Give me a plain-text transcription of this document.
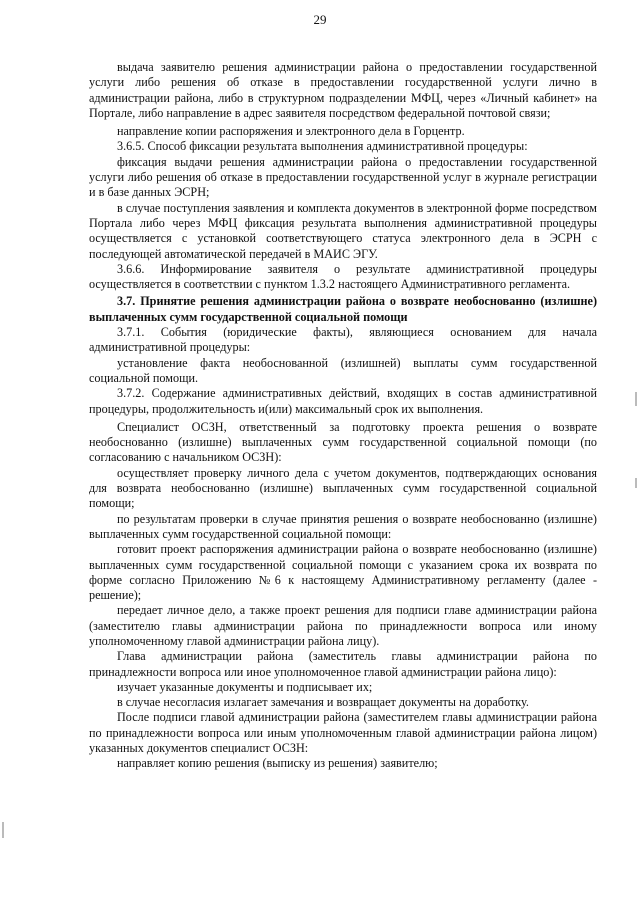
29

выдача заявителю решения администрации района о предоставлении государственной услуги либо решения об отказе в предоставлении государственной услуги лично в администрации района, либо в структурном подразделении МФЦ, через «Личный кабинет» на Портале, либо направление в адрес заявителя посредством федеральной почтовой связи;

направление копии распоряжения и электронного дела в Горцентр.

3.6.5. Способ фиксации результата выполнения административной процедуры:

фиксация выдачи решения администрации района о предоставлении государственной услуги либо решения об отказе в предоставлении государственной услуг в журнале регистрации и в базе данных ЭСРН;

в случае поступления заявления и комплекта документов в электронной форме посредством Портала либо через МФЦ фиксация результата выполнения административной процедуры осуществляется с установкой соответствующего статуса электронного дела в ЭСРН с последующей автоматической передачей в МАИС ЭГУ.

3.6.6. Информирование заявителя о результате административной процедуры осуществляется в соответствии с пунктом 1.3.2 настоящего Административного регламента.

3.7. Принятие решения администрации района о возврате необоснованно (излишне) выплаченных сумм государственной социальной помощи

3.7.1. События (юридические факты), являющиеся основанием для начала административной процедуры:

установление факта необоснованной (излишней) выплаты сумм государственной социальной помощи.

3.7.2. Содержание административных действий, входящих в состав административной процедуры, продолжительность и(или) максимальный срок их выполнения.

Специалист ОСЗН, ответственный за подготовку проекта решения о возврате необоснованно (излишне) выплаченных сумм государственной социальной помощи (по согласованию с начальником ОСЗН):

осуществляет проверку личного дела с учетом документов, подтверждающих основания для возврата необоснованно (излишне) выплаченных сумм государственной социальной помощи;

по результатам проверки в случае принятия решения о возврате необоснованно (излишне) выплаченных сумм государственной социальной помощи:

готовит проект распоряжения администрации района о возврате необоснованно (излишне) выплаченных сумм государственной социальной помощи с указанием срока их возврата по форме согласно Приложению №6 к настоящему Административному регламенту (далее - решение);

передает личное дело, а также проект решения для подписи главе администрации района (заместителю главы администрации района по принадлежности вопроса или иному уполномоченному главой администрации района лицу).

Глава администрации района (заместитель главы администрации района по принадлежности вопроса или иное уполномоченное главой администрации района лицо):

изучает указанные документы и подписывает их;

в случае несогласия излагает замечания и возвращает документы на доработку.

После подписи главой администрации района (заместителем главы администрации района по принадлежности вопроса или иным уполномоченным главой администрации района лицом) указанных документов специалист ОСЗН:

направляет копию решения (выписку из решения) заявителю;
